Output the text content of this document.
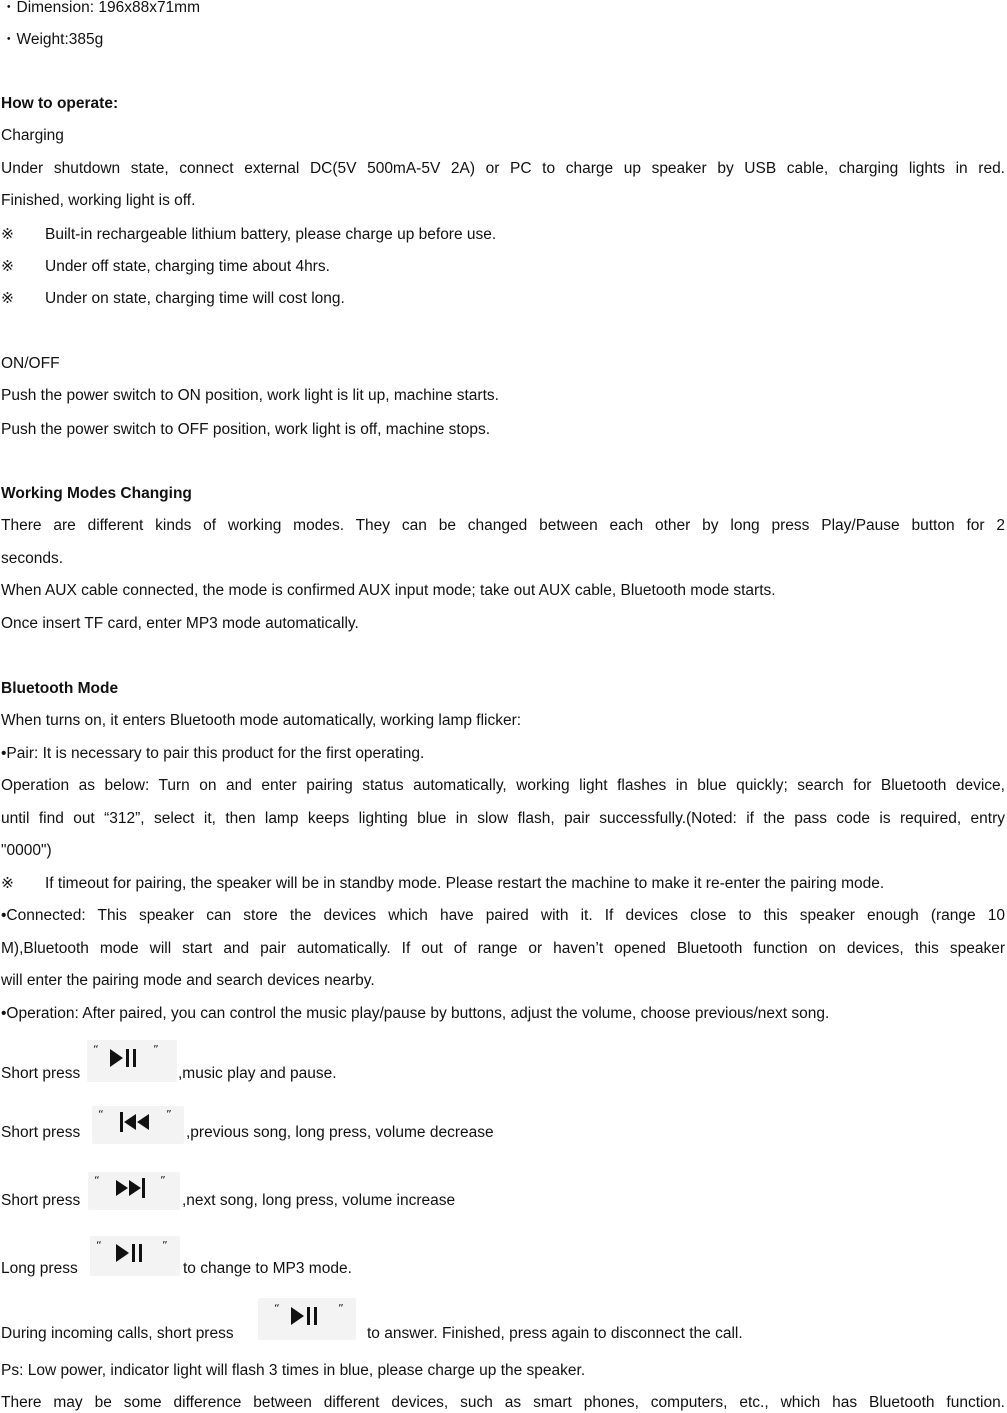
・Dimension: 196x88x71mm
・Weight:385g
How to operate:
Charging
Under shutdown state, connect external DC(5V 500mA-5V 2A) or PC to charge up speaker by USB cable, charging lights in red.
Finished, working light is off.
※ Built-in rechargeable lithium battery, please charge up before use.
※ Under off state, charging time about 4hrs.
※ Under on state, charging time will cost long.
ON/OFF
Push the power switch to ON position, work light is lit up, machine starts.
Push the power switch to OFF position, work light is off, machine stops.
Working Modes Changing
There are different kinds of working modes. They can be changed between each other by long press Play/Pause button for 2
seconds.
When AUX cable connected, the mode is confirmed AUX input mode; take out AUX cable, Bluetooth mode starts.
Once insert TF card, enter MP3 mode automatically.
Bluetooth Mode
When turns on, it enters Bluetooth mode automatically, working lamp flicker:
•Pair: It is necessary to pair this product for the first operating.
Operation as below: Turn on and enter pairing status automatically, working light flashes in blue quickly; search for Bluetooth device,
until find out “312”, select it, then lamp keeps lighting blue in slow flash, pair successfully.(Noted: if the pass code is required, entry
"0000")
※ If timeout for pairing, the speaker will be in standby mode. Please restart the machine to make it re-enter the pairing mode.
•Connected: This speaker can store the devices which have paired with it. If devices close to this speaker enough (range 10
M),Bluetooth mode will start and pair automatically. If out of range or haven’t opened Bluetooth function on devices, this speaker
will enter the pairing mode and search devices nearby.
•Operation: After paired, you can control the music play/pause by buttons, adjust the volume, choose previous/next song.
Short press	,music play and pause.
“	”
Short press	,previous song, long press, volume decrease
“	”
Short press	,next song, long press, volume increase
“	”
Long press	to change to MP3 mode.
“	”
During incoming calls, short press	to answer. Finished, press again to disconnect the call.
“	”
Ps: Low power, indicator light will flash 3 times in blue, please charge up the speaker.
There may be some difference between different devices, such as smart phones, computers, etc., which has Bluetooth function.
